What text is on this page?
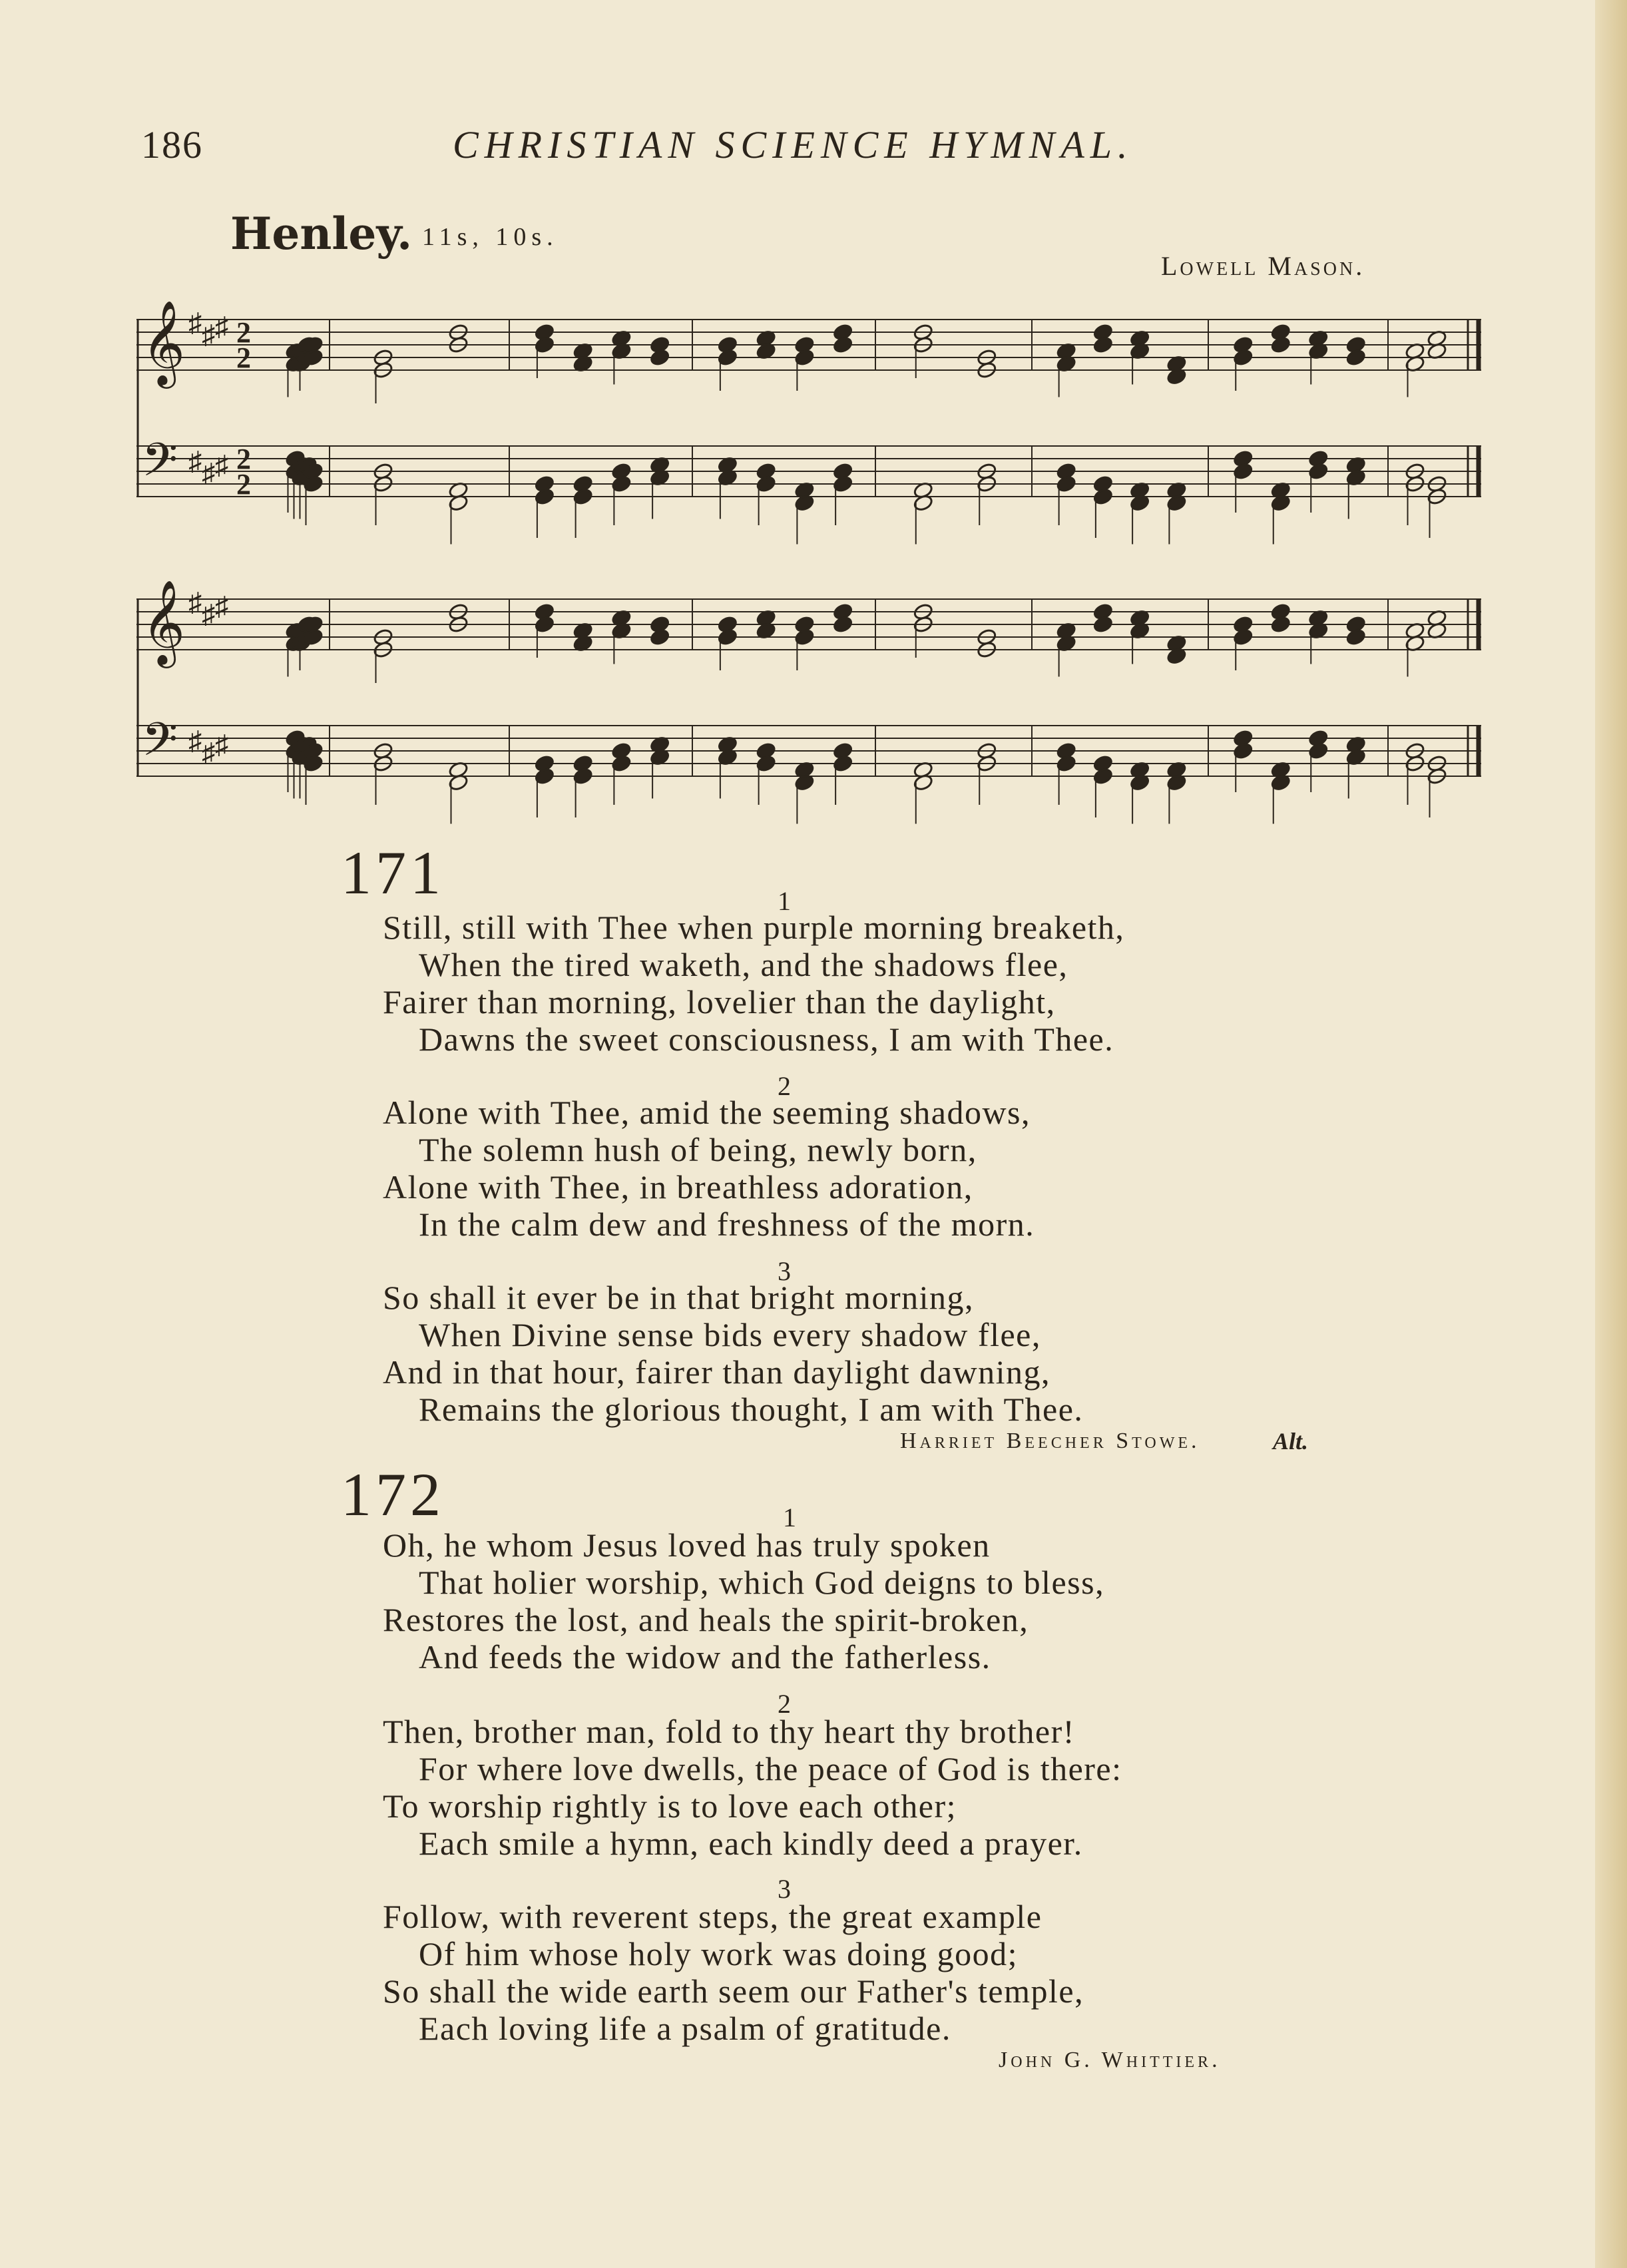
186	CHRISTIAN SCIENCE HYMNAL.
Henley. 11s, 10s.
Lowell Mason.
𝄞
𝄢
♯ ♯ ♯
♯ ♯ ♯
2
2
2
2
𝄞
𝄢
♯ ♯ ♯
♯ ♯ ♯
171	1
Still, still with Thee when purple morning breaketh,
When the tired waketh, and the shadows flee,
Fairer than morning, lovelier than the daylight,
Dawns the sweet consciousness, I am with Thee.
2
Alone with Thee, amid the seeming shadows,
The solemn hush of being, newly born,
Alone with Thee, in breathless adoration,
In the calm dew and freshness of the morn.
3
So shall it ever be in that bright morning,
When Divine sense bids every shadow flee,
And in that hour, fairer than daylight dawning,
Remains the glorious thought, I am with Thee.
Harriet Beecher Stowe.	Alt.
172	1
Oh, he whom Jesus loved has truly spoken
That holier worship, which God deigns to bless,
Restores the lost, and heals the spirit-broken,
And feeds the widow and the fatherless.
2
Then, brother man, fold to thy heart thy brother!
For where love dwells, the peace of God is there:
To worship rightly is to love each other;
Each smile a hymn, each kindly deed a prayer.
3
Follow, with reverent steps, the great example
Of him whose holy work was doing good;
So shall the wide earth seem our Father's temple,
Each loving life a psalm of gratitude.
John G. Whittier.
